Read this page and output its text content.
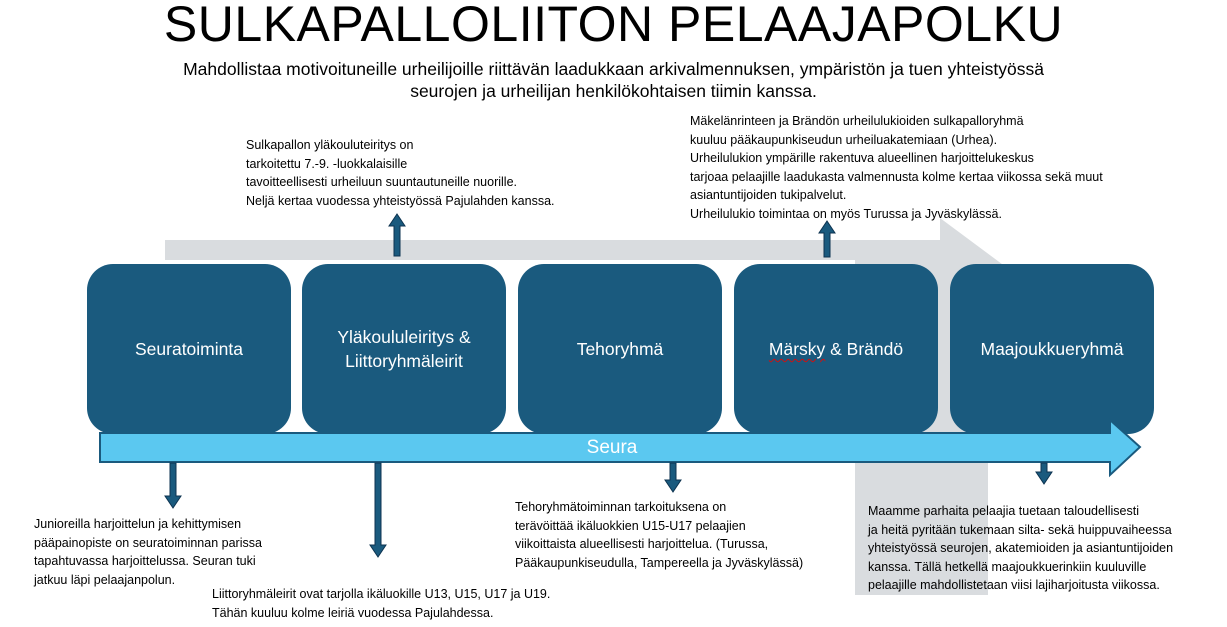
SULKAPALLOLIITON PELAAJAPOLKU
Mahdollistaa motivoituneille urheilijoille riittävän laadukkaan arkivalmennuksen, ympäristön ja tuen yhteistyössä seurojen ja urheilijan henkilökohtaisen tiimin kanssa.
Seuratoiminta
Yläkoululeiritys &
Liittoryhmäleirit
Tehoryhmä	Märsky & Brändö	Maajoukkueryhmä
Seura
Sulkapallon yläkouluteiritys on
tarkoitettu 7.-9. -luokkalaisille
tavoitteellisesti urheiluun suuntautuneille nuorille.
Neljä kertaa vuodessa yhteistyössä Pajulahden kanssa.
Mäkelänrinteen ja Brändön urheilulukioiden sulkapalloryhmä
kuuluu pääkaupunkiseudun urheiluakatemiaan (Urhea).
Urheilulukion ympärille rakentuva alueellinen harjoittelukeskus
tarjoaa pelaajille laadukasta valmennusta kolme kertaa viikossa sekä muut
asiantuntijoiden tukipalvelut.
Urheilulukio toimintaa on myös Turussa ja Jyväskylässä.
Junioreilla harjoittelun ja kehittymisen
pääpainopiste on seuratoiminnan parissa
tapahtuvassa harjoittelussa. Seuran tuki
jatkuu läpi pelaajanpolun.
Liittoryhmäleirit ovat tarjolla ikäluokille U13, U15, U17 ja U19.
Tähän kuuluu kolme leiriä vuodessa Pajulahdessa.
Tehoryhmätoiminnan tarkoituksena on
terävöittää ikäluokkien U15-U17 pelaajien
viikoittaista alueellisesti harjoittelua. (Turussa,
Pääkaupunkiseudulla, Tampereella ja Jyväskylässä)
Maamme parhaita pelaajia tuetaan taloudellisesti
ja heitä pyritään tukemaan silta- sekä huippuvaiheessa
yhteistyössä seurojen, akatemioiden ja asiantuntijoiden
kanssa. Tällä hetkellä maajoukkuerinkiin kuuluville
pelaajille mahdollistetaan viisi lajiharjoitusta viikossa.
